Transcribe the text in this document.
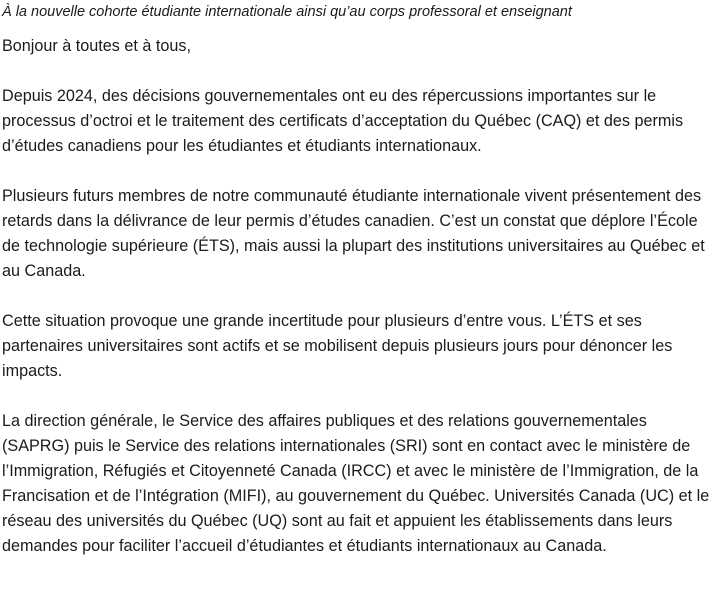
À la nouvelle cohorte étudiante internationale ainsi qu’au corps professoral et enseignant

Bonjour à toutes et à tous,

Depuis 2024, des décisions gouvernementales ont eu des répercussions importantes sur le processus d’octroi et le traitement des certificats d’acceptation du Québec (CAQ) et des permis d’études canadiens pour les étudiantes et étudiants internationaux.

Plusieurs futurs membres de notre communauté étudiante internationale vivent présentement des retards dans la délivrance de leur permis d’études canadien. C’est un constat que déplore l’École de technologie supérieure (ÉTS), mais aussi la plupart des institutions universitaires au Québec et au Canada.

Cette situation provoque une grande incertitude pour plusieurs d’entre vous. L’ÉTS et ses partenaires universitaires sont actifs et se mobilisent depuis plusieurs jours pour dénoncer les impacts.

La direction générale, le Service des affaires publiques et des relations gouvernementales (SAPRG) puis le Service des relations internationales (SRI) sont en contact avec le ministère de l’Immigration, Réfugiés et Citoyenneté Canada (IRCC) et avec le ministère de l’Immigration, de la Francisation et de l’Intégration (MIFI), au gouvernement du Québec. Universités Canada (UC) et le réseau des universités du Québec (UQ) sont au fait et appuient les établissements dans leurs demandes pour faciliter l’accueil d’étudiantes et étudiants internationaux au Canada.
